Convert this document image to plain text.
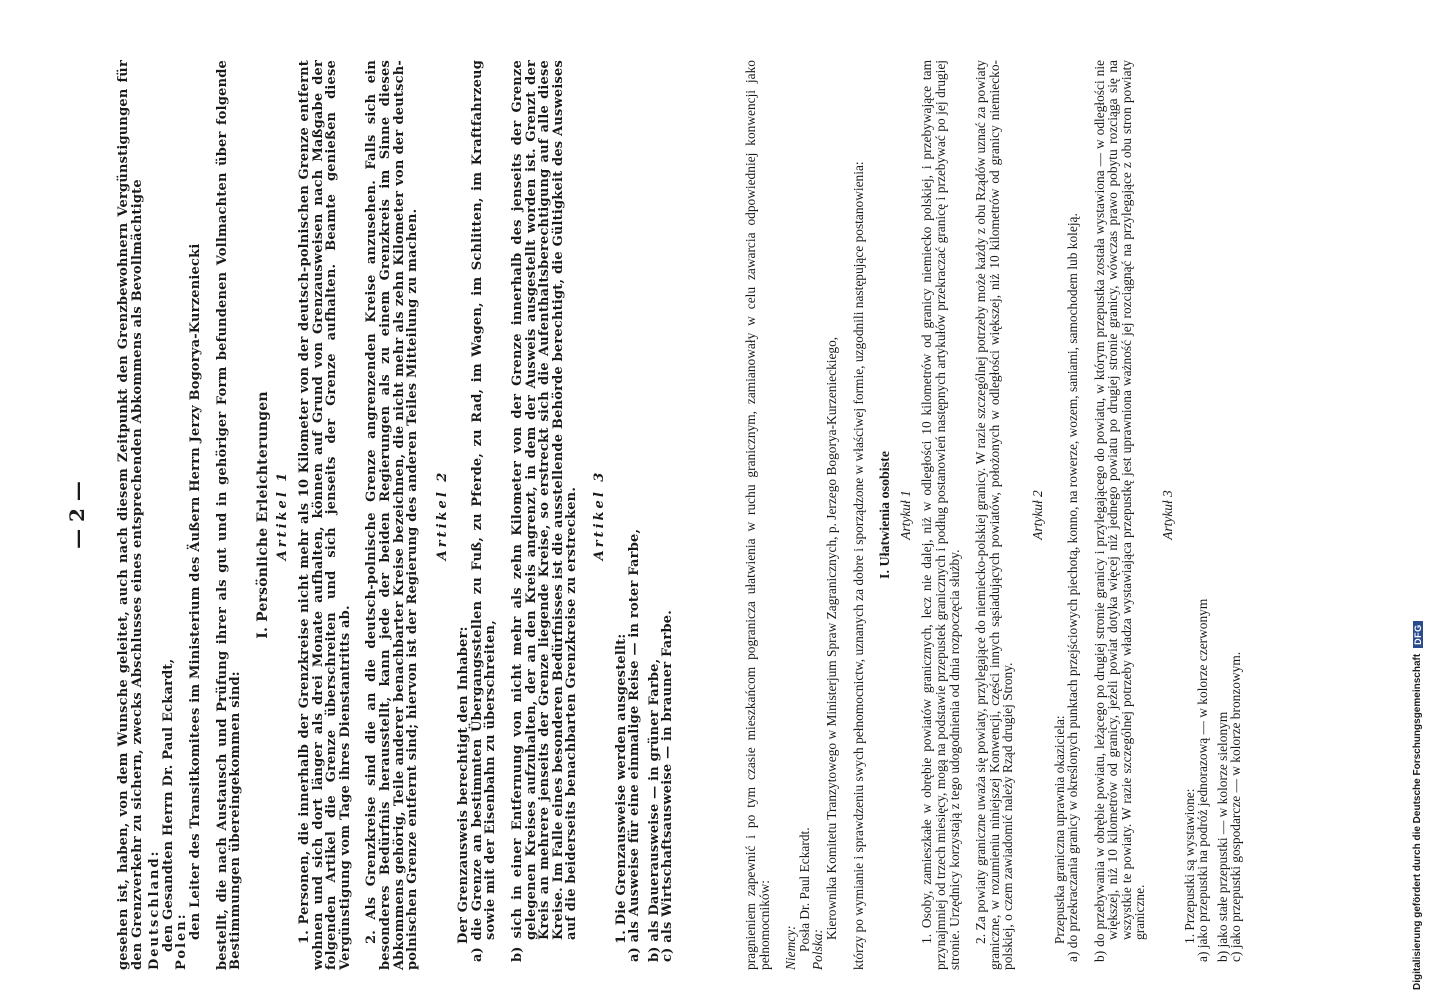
— 2 — gesehen ist, haben, von dem Wunsche geleitet, auch nach diesem Zeitpunkt den Grenzbewohnern Vergünstigungen für den Grenzverkehr zu sichern, zwecks Abschlusses eines entsprechenden Abkommens als Bevollmächtigte Deutschland:

den Gesandten Herrn Dr. Paul Eckardt,

Polen:

den Leiter des Transitkomitees im Ministerium des Äußern Herrn Jerzy Bogorya-Kurzeniecki bestellt, die nach Austausch und Prüfung ihrer als gut und in gehöriger Form befundenen Vollmachten über folgende Bestimmungen übereingekommen sind:

I. Persönliche Erleichterungen Artikel 1 1. Personen, die innerhalb der Grenzkreise nicht mehr als 10 Kilometer von der deutsch-polnischen Grenze entfernt wohnen und sich dort länger als drei Monate aufhalten, können auf Grund von Grenzausweisen nach Maßgabe der folgenden Artikel die Grenze überschreiten und sich jenseits der Grenze aufhalten. Beamte genießen diese Vergünstigung vom Tage ihres Dienstantritts ab. 2. Als Grenzkreise sind die an die deutsch-polnische Grenze angrenzenden Kreise anzusehen. Falls sich ein besonderes Bedürfnis herausstellt, kann jede der beiden Regierungen als zu einem Grenzkreis im Sinne dieses Abkommens gehörig, Teile anderer benachbarter Kreise bezeichnen, die nicht mehr als zehn Kilometer von der deutsch-polnischen Grenze entfernt sind; hiervon ist der Regierung des anderen Teiles Mitteilung zu machen. Artikel 2

Der Grenzausweis berechtigt den Inhaber:

a) die Grenze an bestimmten Übergangsstellen zu Fuß, zu Pferde, zu Rad, im Wagen, im Schlitten, im Kraftfahrzeug sowie mit der Eisenbahn zu überschreiten, b) sich in einer Entfernung von nicht mehr als zehn Kilometer von der Grenze innerhalb des jenseits der Grenze gelegenen Kreises aufzuhalten, der an den Kreis angrenzt, in dem der Ausweis ausgestellt worden ist. Grenzt der Kreis an mehrere jenseits der Grenze liegende Kreise, so erstreckt sich die Aufenthaltsberechtigung auf alle diese Kreise. Im Falle eines besonderen Bedürfnisses ist die ausstellende Behörde berechtigt, die Gültigkeit des Ausweises auf die beiderseits benachbarten Grenzkreise zu erstrecken. Artikel 3

1. Die Grenzausweise werden ausgestellt:

a) als Ausweise für eine einmalige Reise — in roter Farbe, b) als Dauerausweise — in grüner Farbe,

c) als Wirtschaftsausweise — in brauner Farbe.	pragnieniem zapewnić i po tym czasie mieszkańcom pogranicza ułatwienia w ruchu granicznym, zamianowały w celu zawarcia odpowiedniej konwencji jako pełnomocników: Niemcy:

Posła Dr. Paul Eckardt.

Polska:

Kierownika Komitetu Tranzytowego w Ministerjum Spraw Zagranicznych, p. Jerzego Bogorya-Kurzenieckiego, którzy po wymianie i sprawdzeniu swych pełnomocnictw, uznanych za dobre i sporządzone w właściwej formie, uzgodnili następujące postanowienia: I. Ułatwienia osobiste Artykuł 1 1. Osoby, zamieszkałe w obrębie powiatów granicznych, lecz nie dalej, niż w odległości 10 kilometrów od granicy niemiecko polskiej, i przebywające tam przynajmniej od trzech miesięcy, mogą na podstawie przepustek granicznych i podług postanowień następnych artykułów przekraczać granicę i przebywać po jej drugiej stronie. Urzędnicy korzystają z tego udogodnienia od dnia rozpoczęcia służby. 2. Za powiaty graniczne uważa się powiaty, przylegające do niemiecko-polskiej granicy. W razie szczególnej potrzeby może każdy z obu Rządów uznać za powiaty graniczne, w rozumieniu niniejszej Konwencji, części innych sąsiadujących powiatów, położonych w odległości większej, niż 10 kilometrów od granicy niemiecko-polskiej, o czem zawiadomić należy Rząd drugiej Strony.

Artykuł 2

Przepustka graniczna uprawnia okaziciela:

a) do przekraczania granicy w określonych punktach przejściowych piechotą, konno, na rowerze, wozem, saniami, samochodem lub koleją. b) do przebywania w obrębie powiatu, leżącego po drugiej stronie granicy i przylegającego do powiatu, w którym przepustka została wystawiona — w odległości nie większej, niż 10 kilometrów od granicy, jeżeli powiat dotyka więcej niż jednego powiatu po drugiej stronie granicy, wówczas prawo pobytu rozciąga się na wszystkie te powiaty. W razie szczególnej potrzeby władza wystawiająca przepustkę jest uprawniona ważność jej rozciągnąć na przylegające z obu stron powiaty graniczne.

Artykuł 3

1. Przepustki są wystawione:

a) jako przepustki na podróż jednorazową — w kolorze czerwonym b) jako stałe przepustki — w kolorze sielonym

c) jako przepustki gospodarcze — w kolorze bronzowym.	Digitalisierung gefördert durch die Deutsche Forschungsgemeinschaft
DFG
